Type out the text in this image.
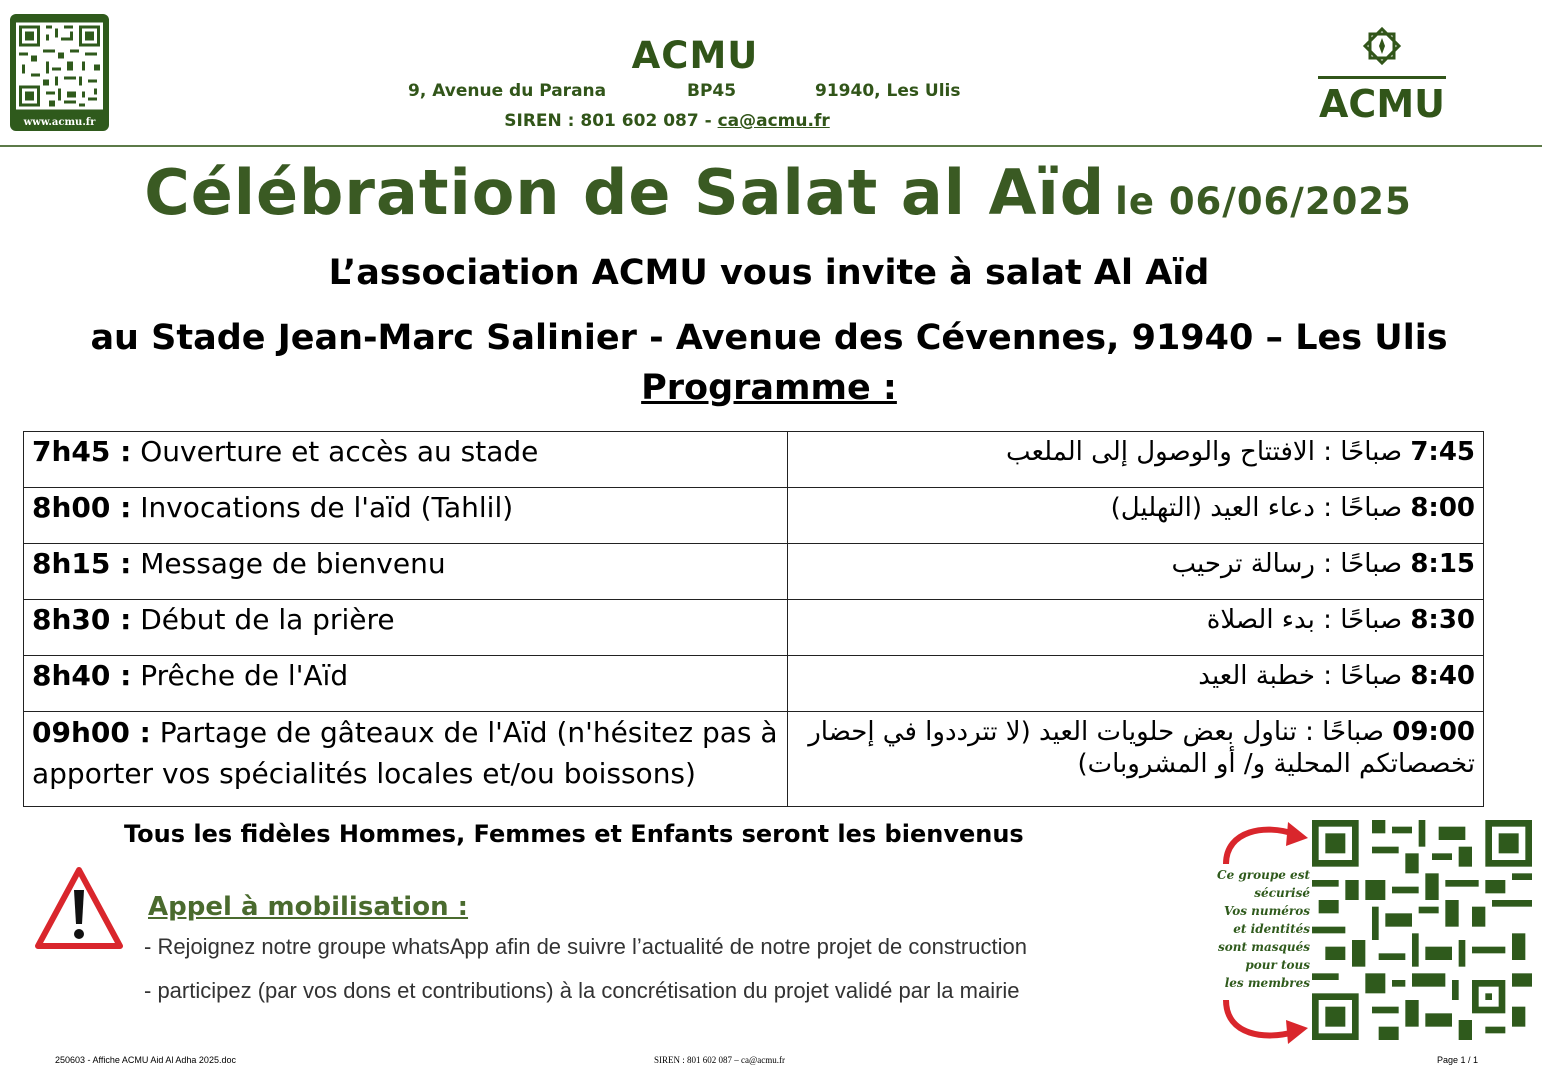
www.acmu.fr
ACMU
9, Avenue du Parana	BP45	91940, Les Ulis
SIREN : 801 602 087 - ca@acmu.fr	ACMU
Célébration de Salat al Aïd le 06/06/2025
L’association ACMU vous invite à salat Al Aïd
au Stade Jean-Marc Salinier - Avenue des Cévennes, 91940 – Les Ulis
Programme :
7h45 : Ouverture et accès au stade	7:45 صباحًا : الافتتاح والوصول إلى الملعب
8h00 : Invocations de l'aïd (Tahlil)	8:00 صباحًا : دعاء العيد (التهليل)
8h15 : Message de bienvenu	8:15 صباحًا : رسالة ترحيب
8h30 : Début de la prière	8:30 صباحًا : بدء الصلاة
8h40 : Prêche de l'Aïd	8:40 صباحًا : خطبة العيد
09h00 : Partage de gâteaux de l'Aïd (n'hésitez pas à apporter vos spécialités locales et/ou boissons)	09:00 صباحًا : تناول بعض حلويات العيد (لا تترددوا في إحضار تخصصاتكم المحلية و/ أو المشروبات)
Tous les fidèles Hommes, Femmes et Enfants seront les bienvenus
Appel à mobilisation :
- Rejoignez notre groupe whatsApp afin de suivre l’actualité de notre projet de construction
- participez (par vos dons et contributions) à la concrétisation du projet validé par la mairie
Ce groupe est
sécurisé
Vos numéros
et identités
sont masqués
pour tous
les membres
250603 - Affiche ACMU Aid Al Adha 2025.doc	SIREN : 801 602 087 – ca@acmu.fr	Page 1 / 1
